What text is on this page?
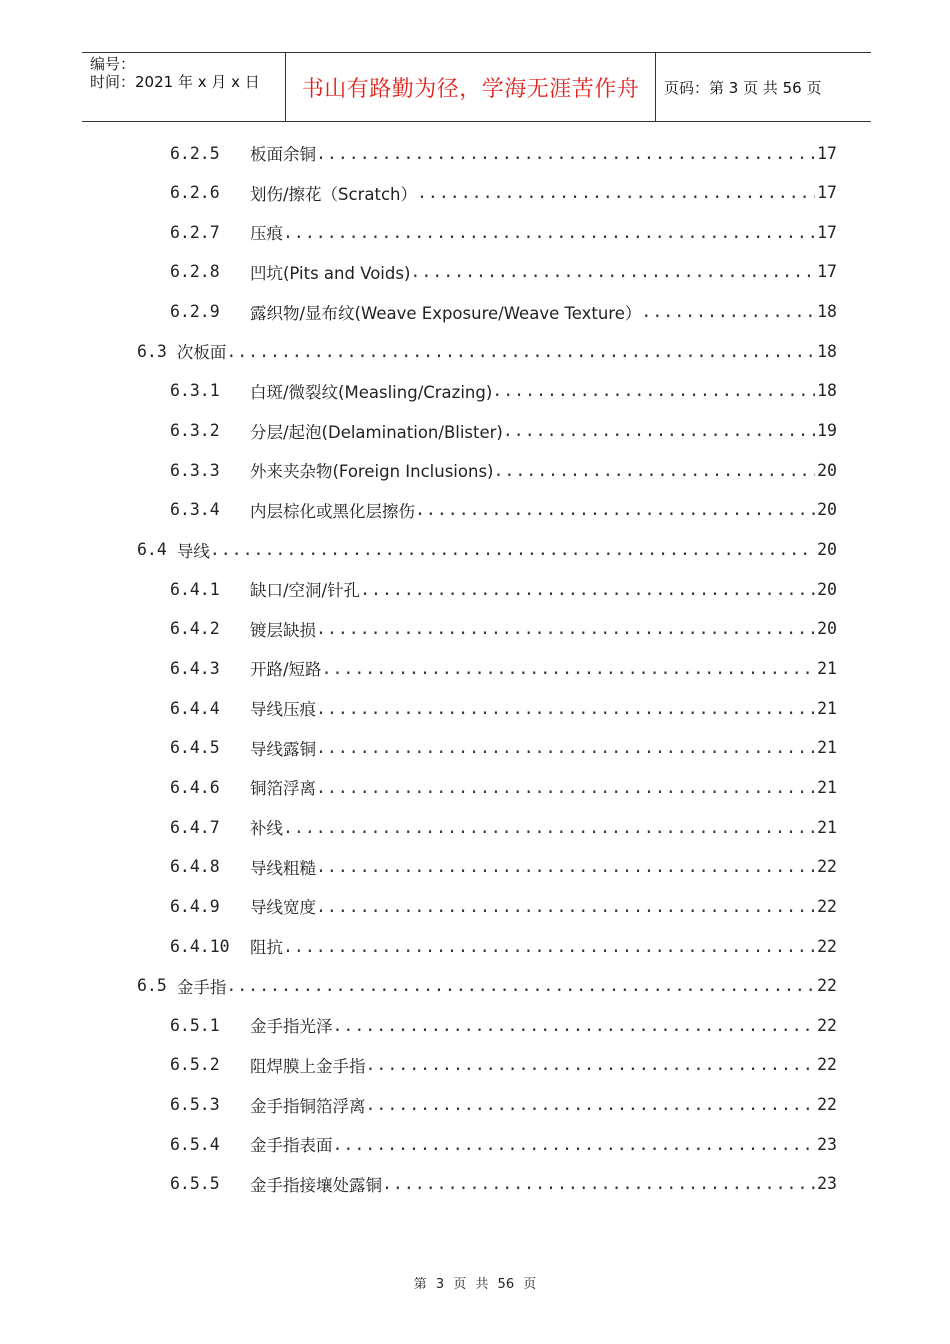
编号：
时间：2021 年 x 月 x 日	书山有路勤为径，学海无涯苦作舟	页码：第 3 页 共 56 页
6.2.5	板面余铜 .....	17
6.2.6	划伤/擦花（Scratch） .....	17
6.2.7	压痕 .....	17
6.2.8	凹坑(Pits and Voids) .....	17
6.2.9	露织物/显布纹(Weave Exposure/Weave Texture） .....	18
6.3 次板面 .....	18
6.3.1	白斑/微裂纹(Measling/Crazing) .....	18
6.3.2	分层/起泡(Delamination/Blister) .....	19
6.3.3	外来夹杂物(Foreign Inclusions) .....	20
6.3.4	内层棕化或黑化层擦伤 .....	20
6.4 导线 .....	20
6.4.1	缺口/空洞/针孔 .....	20
6.4.2	镀层缺损 .....	20
6.4.3	开路/短路 .....	21
6.4.4	导线压痕 .....	21
6.4.5	导线露铜 .....	21
6.4.6	铜箔浮离 .....	21
6.4.7	补线 .....	21
6.4.8	导线粗糙 .....	22
6.4.9	导线宽度 .....	22
6.4.10	阻抗 .....	22
6.5 金手指 .....	22
6.5.1	金手指光泽 .....	22
6.5.2	阻焊膜上金手指 .....	22
6.5.3	金手指铜箔浮离 .....	22
6.5.4	金手指表面 .....	23
6.5.5	金手指接壤处露铜 .....	23
第 3 页 共 56 页
